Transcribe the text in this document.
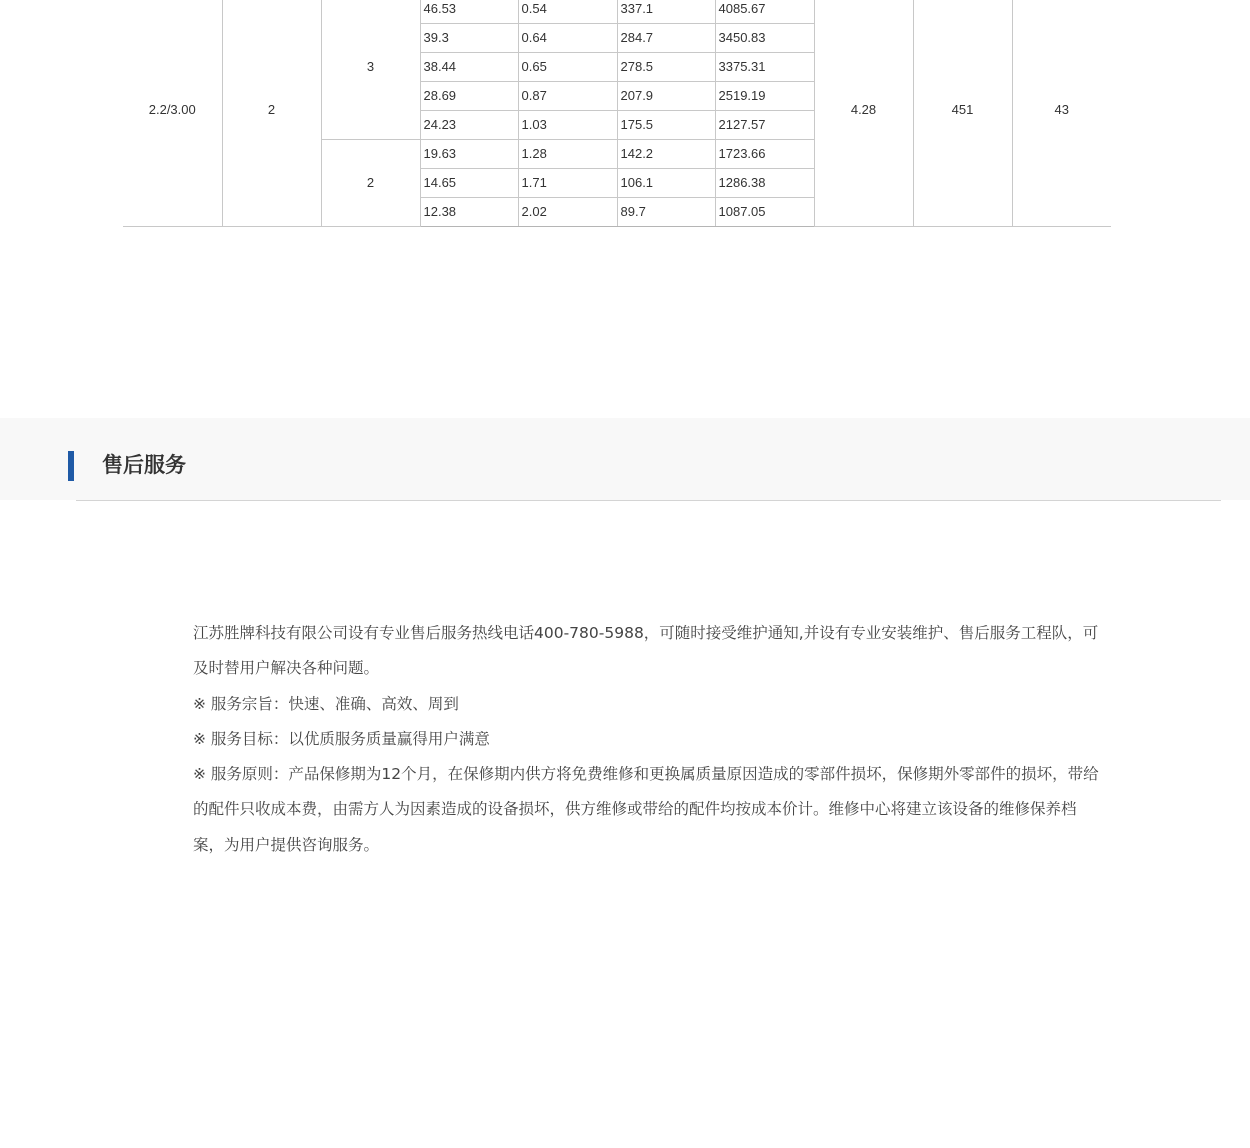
2.2/3.00	2	3	46.53	0.54	337.1	4085.67	4.28	451	43
			39.3	0.64	284.7	3450.83			
			38.44	0.65	278.5	3375.31			
			28.69	0.87	207.9	2519.19			
			24.23	1.03	175.5	2127.57			
		2	19.63	1.28	142.2	1723.66			
			14.65	1.71	106.1	1286.38			
			12.38	2.02	89.7	1087.05			
售后服务

江苏胜牌科技有限公司设有专业售后服务热线电话400-780-5988，可随时接受维护通知,并设有专业安装维护、售后服务工程队，可及时替用户解决各种问题。

※ 服务宗旨：快速、准确、高效、周到

※ 服务目标：以优质服务质量赢得用户满意

※ 服务原则：产品保修期为12个月，在保修期内供方将免费维修和更换属质量原因造成的零部件损坏，保修期外零部件的损坏，带给的配件只收成本费，由需方人为因素造成的设备损坏，供方维修或带给的配件均按成本价计。维修中心将建立该设备的维修保养档案，为用户提供咨询服务。
